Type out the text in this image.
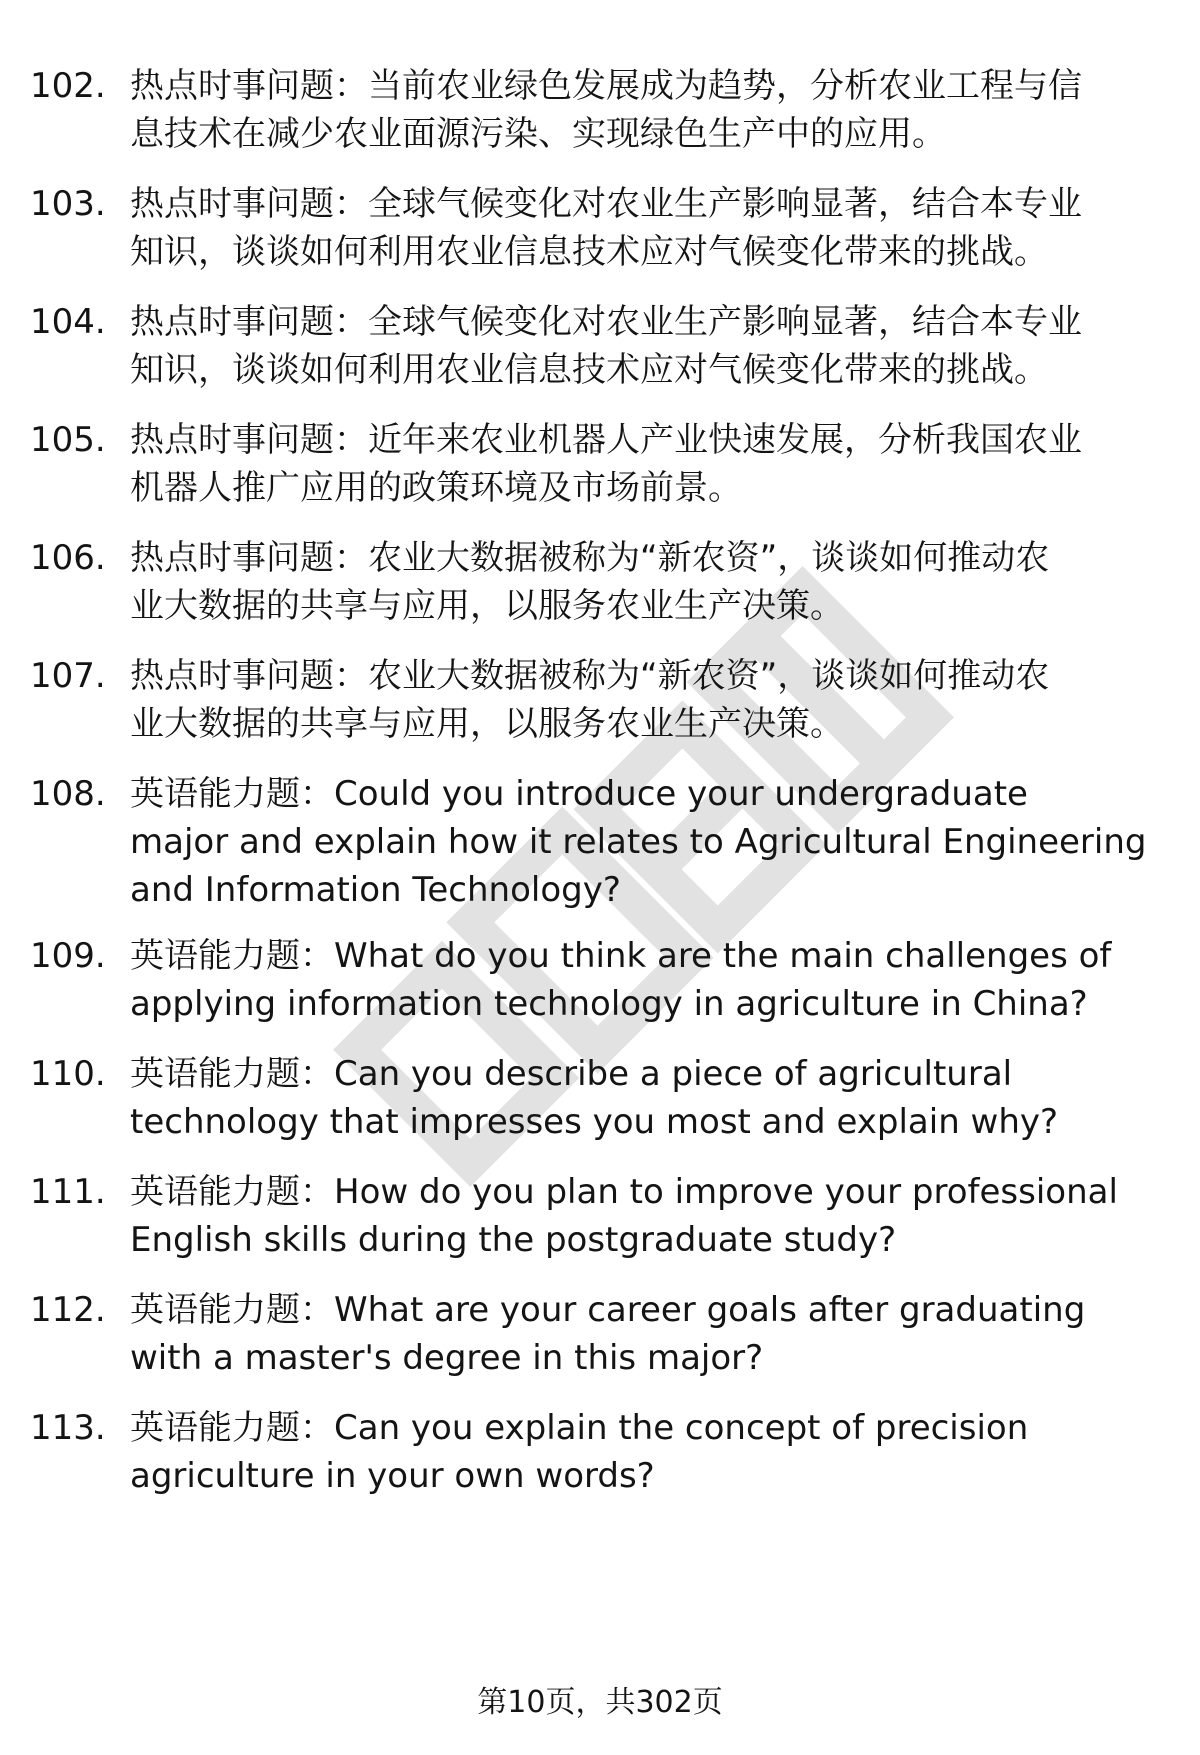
102. 热点时事问题：当前农业绿色发展成为趋势，分析农业工程与信
息技术在减少农业面源污染、实现绿色生产中的应用。
103. 热点时事问题：全球气候变化对农业生产影响显著，结合本专业
知识，谈谈如何利用农业信息技术应对气候变化带来的挑战。
104. 热点时事问题：全球气候变化对农业生产影响显著，结合本专业
知识，谈谈如何利用农业信息技术应对气候变化带来的挑战。
105. 热点时事问题：近年来农业机器人产业快速发展，分析我国农业
机器人推广应用的政策环境及市场前景。
106. 热点时事问题：农业大数据被称为“新农资”，谈谈如何推动农
业大数据的共享与应用，以服务农业生产决策。
107. 热点时事问题：农业大数据被称为“新农资”，谈谈如何推动农
业大数据的共享与应用，以服务农业生产决策。
108. 英语能力题：Could you introduce your undergraduate
major and explain how it relates to Agricultural Engineering
and Information Technology?
109. 英语能力题：What do you think are the main challenges of
applying information technology in agriculture in China?
110. 英语能力题：Can you describe a piece of agricultural
technology that impresses you most and explain why?
111. 英语能力题：How do you plan to improve your professional
English skills during the postgraduate study?
112. 英语能力题：What are your career goals after graduating
with a master's degree in this major?
113. 英语能力题：Can you explain the concept of precision
agriculture in your own words?
第10页，共302页
